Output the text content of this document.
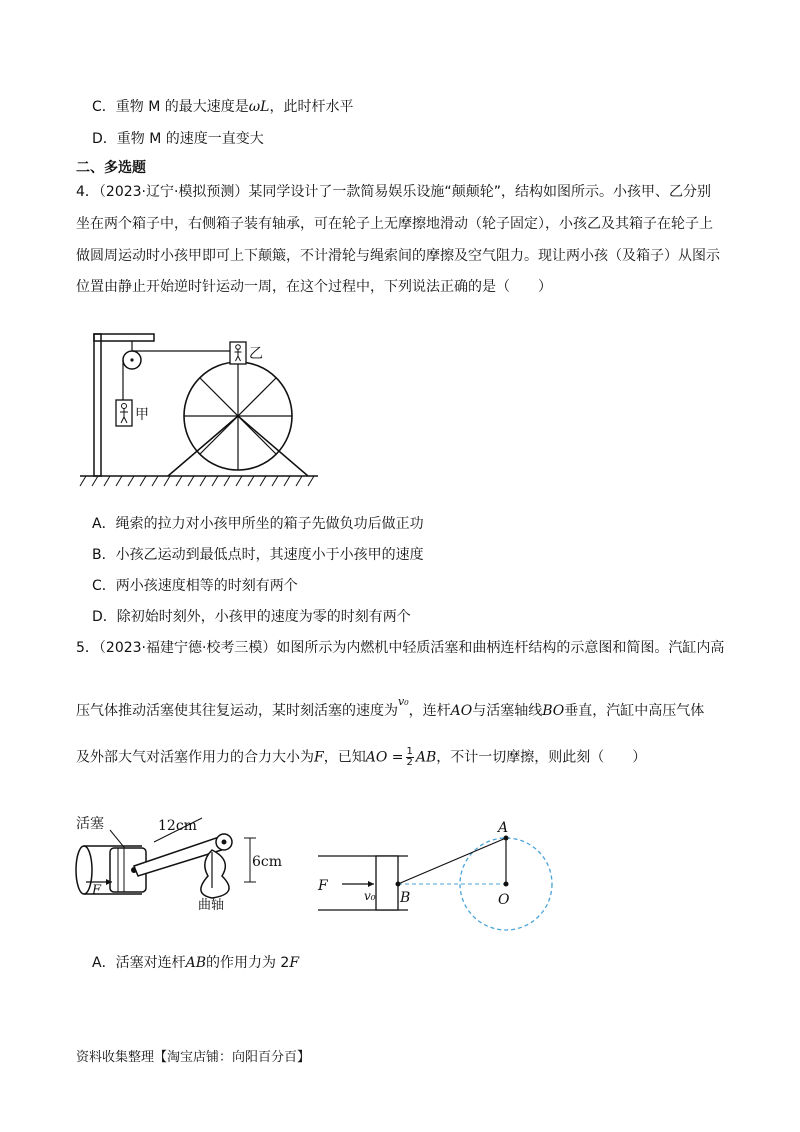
C．重物 M 的最大速度是ωL，此时杆水平
D．重物 M 的速度一直变大
二、多选题
4．（2023·辽宁·模拟预测）某同学设计了一款简易娱乐设施“颠颠轮”，结构如图所示。小孩甲、乙分别
坐在两个箱子中，右侧箱子装有轴承，可在轮子上无摩擦地滑动（轮子固定），小孩乙及其箱子在轮子上
做圆周运动时小孩甲即可上下颠簸，不计滑轮与绳索间的摩擦及空气阻力。现让两小孩（及箱子）从图示
位置由静止开始逆时针运动一周，在这个过程中，下列说法正确的是（　　）
甲
乙
A．绳索的拉力对小孩甲所坐的箱子先做负功后做正功
B．小孩乙运动到最低点时，其速度小于小孩甲的速度
C．两小孩速度相等的时刻有两个
D．除初始时刻外，小孩甲的速度为零的时刻有两个
5．（2023·福建宁德·校考三模）如图所示为内燃机中轻质活塞和曲柄连杆结构的示意图和简图。汽缸内高
压气体推动活塞使其往复运动，某时刻活塞的速度为$^{v_0}$，连杆AO与活塞轴线BO垂直，汽缸中高压气体
及外部大气对活塞作用力的合力大小为F，已知AO = $\frac{1}{2}$ AB，不计一切摩擦，则此刻（　　）
活塞	12cm
6cm
F
曲轴
F
v₀ B
A
O
A．活塞对连杆AB的作用力为 2F
资料收集整理【淘宝店铺：向阳百分百】
